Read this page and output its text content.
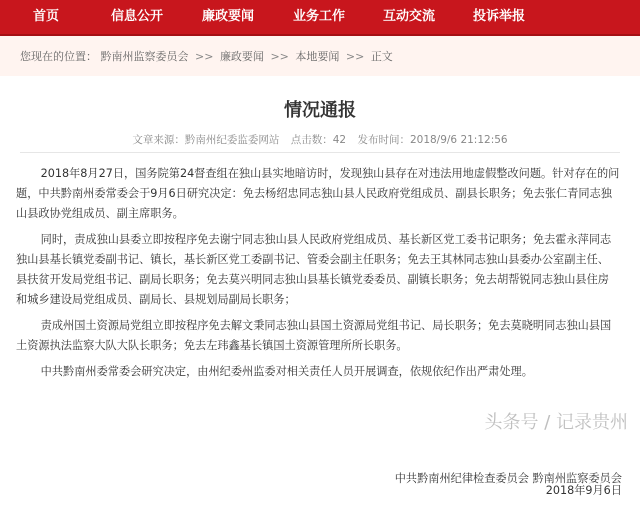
首页	信息公开	廉政要闻	业务工作	互动交流	投诉举报
您现在的位置： 黔南州监察委员会 >> 廉政要闻 >> 本地要闻 >> 正文
情况通报
文章来源：黔南州纪委监委网站 点击数：42 发布时间：2018/9/6 21:12:56

2018年8月27日，国务院第24督查组在独山县实地暗访时，发现独山县存在对违法用地虚假整改问题。针对存在的问题，中共黔南州委常委会于9月6日研究决定：免去杨绍忠同志独山县人民政府党组成员、副县长职务；免去张仁青同志独山县政协党组成员、副主席职务。

同时，责成独山县委立即按程序免去谢宁同志独山县人民政府党组成员、基长新区党工委书记职务；免去霍永萍同志独山县基长镇党委副书记、镇长，基长新区党工委副书记、管委会副主任职务；免去王其林同志独山县委办公室副主任、县扶贫开发局党组书记、副局长职务；免去莫兴明同志独山县基长镇党委委员、副镇长职务；免去胡帮锐同志独山县住房和城乡建设局党组成员、副局长、县规划局副局长职务；

责成州国土资源局党组立即按程序免去解文秉同志独山县国土资源局党组书记、局长职务；免去莫晓明同志独山县国土资源执法监察大队大队长职务；免去左玮鑫基长镇国土资源管理所所长职务。

中共黔南州委常委会研究决定，由州纪委州监委对相关责任人员开展调查，依规依纪作出严肃处理。

中共黔南州纪律检查委员会 黔南州监察委员会
2018年9月6日
头条号 / 记录贵州
